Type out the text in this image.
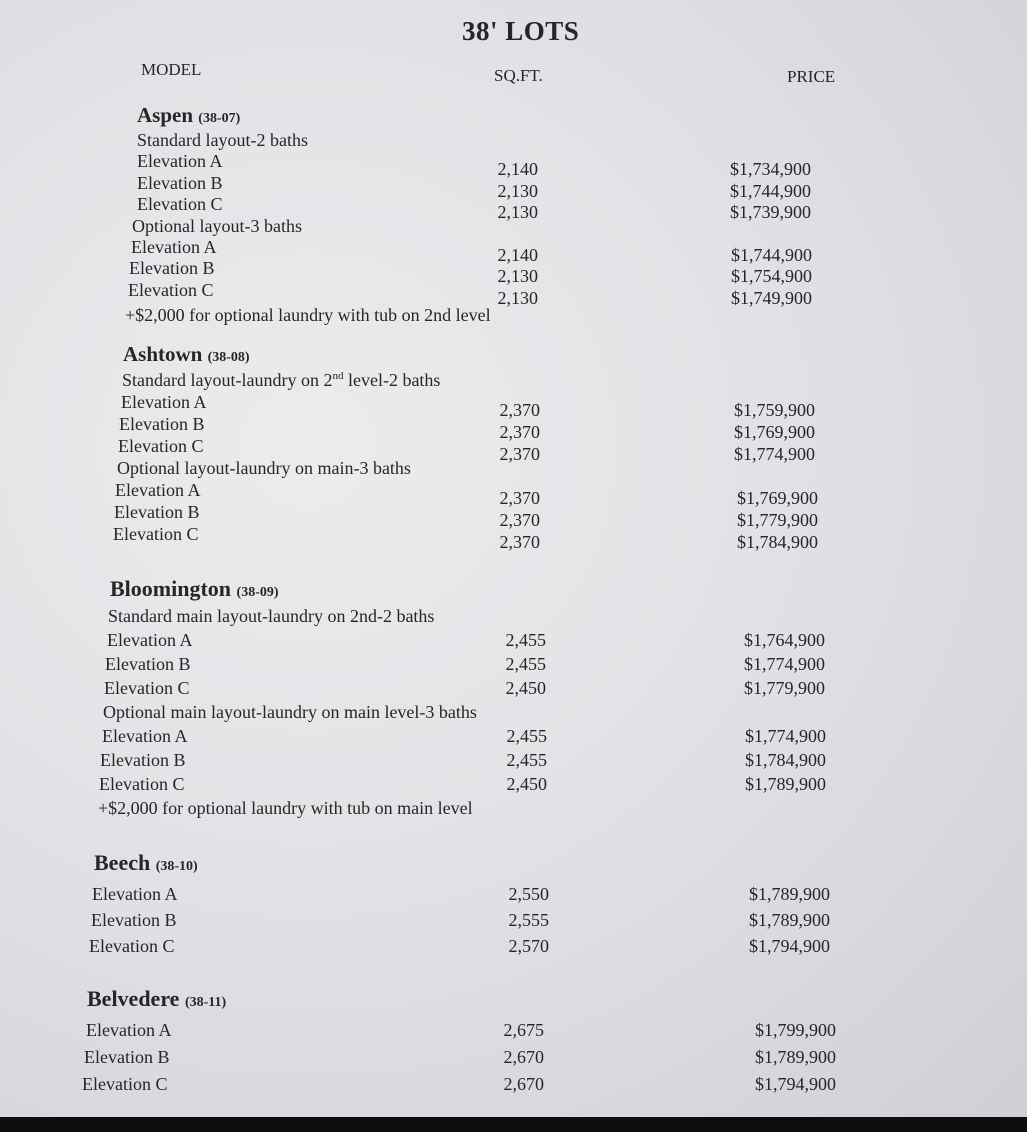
38' LOTS
MODEL	SQ.FT.	PRICE
Aspen (38-07)
Standard layout-2 baths
Elevation A	2,140	$1,734,900
Elevation B	2,130	$1,744,900
Elevation C	2,130	$1,739,900
Optional layout-3 baths
Elevation A	2,140	$1,744,900
Elevation B	2,130	$1,754,900
Elevation C	2,130	$1,749,900
+$2,000 for optional laundry with tub on 2nd level
Ashtown (38-08)
Standard layout-laundry on 2nd level-2 baths
Elevation A	2,370	$1,759,900
Elevation B	2,370	$1,769,900
Elevation C	2,370	$1,774,900
Optional layout-laundry on main-3 baths
Elevation A	2,370	$1,769,900
Elevation B	2,370	$1,779,900
Elevation C	2,370	$1,784,900
Bloomington (38-09)
Standard main layout-laundry on 2nd-2 baths
Elevation A	2,455	$1,764,900
Elevation B	2,455	$1,774,900
Elevation C	2,450	$1,779,900
Optional main layout-laundry on main level-3 baths
Elevation A	2,455	$1,774,900
Elevation B	2,455	$1,784,900
Elevation C	2,450	$1,789,900
+$2,000 for optional laundry with tub on main level
Beech (38-10)
Elevation A	2,550	$1,789,900
Elevation B	2,555	$1,789,900
Elevation C	2,570	$1,794,900
Belvedere (38-11)
Elevation A	2,675	$1,799,900
Elevation B	2,670	$1,789,900
Elevation C	2,670	$1,794,900
